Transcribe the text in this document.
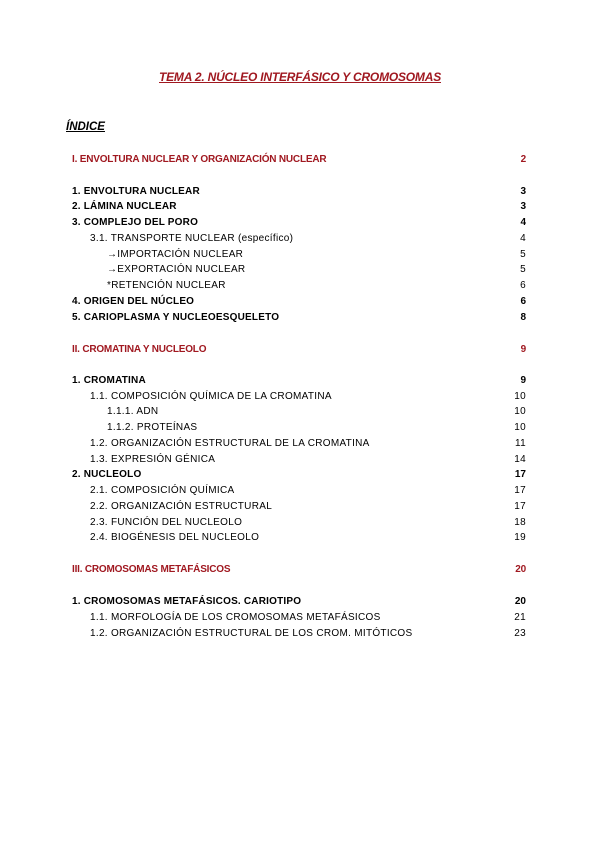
TEMA 2. NÚCLEO INTERFÁSICO Y CROMOSOMAS
ÍNDICE
I. ENVOLTURA NUCLEAR Y ORGANIZACIÓN NUCLEAR	2
1. ENVOLTURA NUCLEAR	3
2. LÁMINA NUCLEAR	3
3. COMPLEJO DEL PORO	4
3.1. TRANSPORTE NUCLEAR (específico)	4
→IMPORTACIÓN NUCLEAR	5
→EXPORTACIÓN NUCLEAR	5
*RETENCIÓN NUCLEAR	6
4. ORIGEN DEL NÚCLEO	6
5. CARIOPLASMA Y NUCLEOESQUELETO	8
II. CROMATINA Y NUCLEOLO	9
1. CROMATINA	9
1.1. COMPOSICIÓN QUÍMICA DE LA CROMATINA	10
1.1.1. ADN	10
1.1.2. PROTEÍNAS	10
1.2. ORGANIZACIÓN ESTRUCTURAL DE LA CROMATINA	11
1.3. EXPRESIÓN GÉNICA	14
2. NUCLEOLO	17
2.1. COMPOSICIÓN QUÍMICA	17
2.2. ORGANIZACIÓN ESTRUCTURAL	17
2.3. FUNCIÓN DEL NUCLEOLO	18
2.4. BIOGÉNESIS DEL NUCLEOLO	19
III. CROMOSOMAS METAFÁSICOS	20
1. CROMOSOMAS METAFÁSICOS. CARIOTIPO	20
1.1. MORFOLOGÍA DE LOS CROMOSOMAS METAFÁSICOS	21
1.2. ORGANIZACIÓN ESTRUCTURAL DE LOS CROM. MITÓTICOS	23
